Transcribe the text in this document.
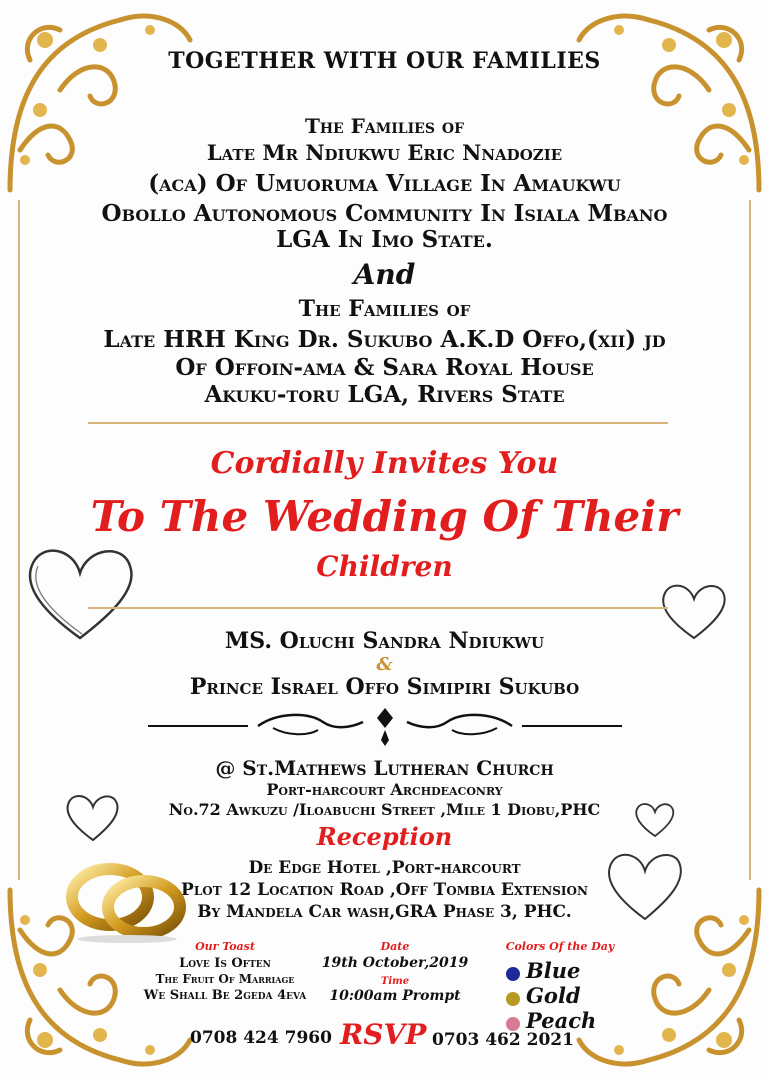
TOGETHER WITH OUR FAMILIES
The Families of
Late Mr Ndiukwu Eric Nnadozie
(aca) Of Umuoruma Village In Amaukwu
Obollo Autonomous Community In Isiala Mbano
LGA In Imo State.
And
The Families of
Late HRH King Dr. Sukubo A.K.D Offo,(xii) jd
Of Offoin-ama & Sara Royal House
Akuku-toru LGA, Rivers State
Cordially Invites You
To The Wedding Of Their
Children
MS. Oluchi Sandra Ndiukwu
&
Prince Israel Offo Simipiri Sukubo
@ St.Mathews Lutheran Church
Port-harcourt Archdeaconry
No.72 Awkuzu /Iloabuchi Street ,Mile 1 Diobu,PHC
Reception
De Edge Hotel ,Port-harcourt
Plot 12 Location Road ,Off Tombia Extension
By Mandela Car wash,GRA Phase 3, PHC.
Our Toast
Love Is Often
The Fruit Of Marriage
We Shall Be 2geda 4eva
Date
19th October,2019
Time
10:00am Prompt
Colors Of the Day
Blue
Gold
Peach
0708 424 7960 RSVP 0703 462 2021
